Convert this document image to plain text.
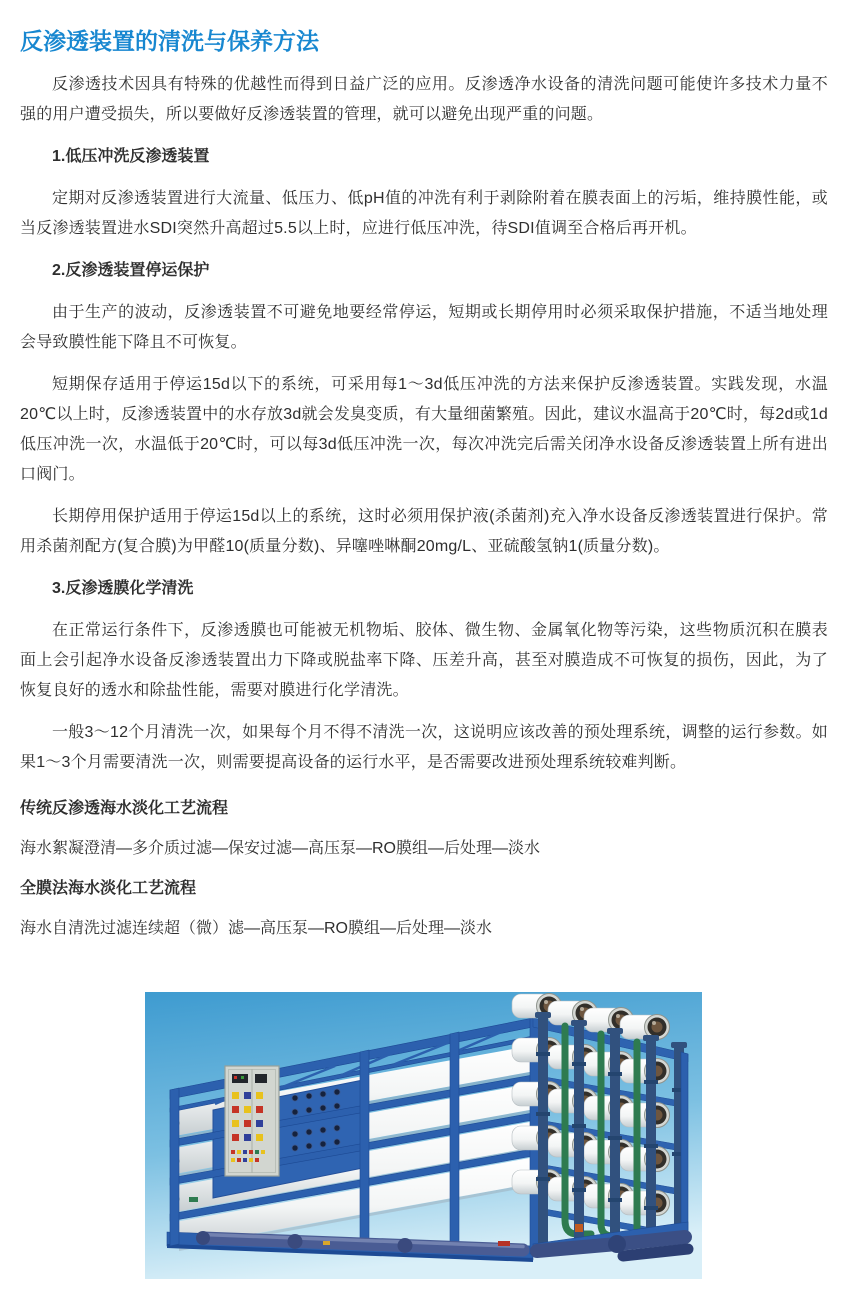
反渗透装置的清洗与保养方法

反渗透技术因具有特殊的优越性而得到日益广泛的应用。反渗透净水设备的清洗问题可能使许多技术力量不强的用户遭受损失，所以要做好反渗透装置的管理，就可以避免出现严重的问题。

1.低压冲洗反渗透装置

定期对反渗透装置进行大流量、低压力、低pH值的冲洗有利于剥除附着在膜表面上的污垢，维持膜性能，或当反渗透装置进水SDI突然升高超过5.5以上时，应进行低压冲洗，待SDI值调至合格后再开机。

2.反渗透装置停运保护

由于生产的波动，反渗透装置不可避免地要经常停运，短期或长期停用时必须采取保护措施，不适当地处理会导致膜性能下降且不可恢复。

短期保存适用于停运15d以下的系统，可采用每1～3d低压冲洗的方法来保护反渗透装置。实践发现，水温20℃以上时，反渗透装置中的水存放3d就会发臭变质，有大量细菌繁殖。因此，建议水温高于20℃时，每2d或1d低压冲洗一次，水温低于20℃时，可以每3d低压冲洗一次，每次冲洗完后需关闭净水设备反渗透装置上所有进出口阀门。

长期停用保护适用于停运15d以上的系统，这时必须用保护液(杀菌剂)充入净水设备反渗透装置进行保护。常用杀菌剂配方(复合膜)为甲醛10(质量分数)、异噻唑啉酮20mg/L、亚硫酸氢钠1(质量分数)。

3.反渗透膜化学清洗

在正常运行条件下，反渗透膜也可能被无机物垢、胶体、微生物、金属氧化物等污染，这些物质沉积在膜表面上会引起净水设备反渗透装置出力下降或脱盐率下降、压差升高，甚至对膜造成不可恢复的损伤，因此，为了恢复良好的透水和除盐性能，需要对膜进行化学清洗。

一般3～12个月清洗一次，如果每个月不得不清洗一次，这说明应该改善的预处理系统，调整的运行参数。如果1～3个月需要清洗一次，则需要提高设备的运行水平，是否需要改进预处理系统较难判断。

传统反渗透海水淡化工艺流程

海水絮凝澄清—多介质过滤—保安过滤—高压泵—RO膜组—后处理—淡水

全膜法海水淡化工艺流程

海水自清洗过滤连续超（微）滤—高压泵—RO膜组—后处理—淡水
